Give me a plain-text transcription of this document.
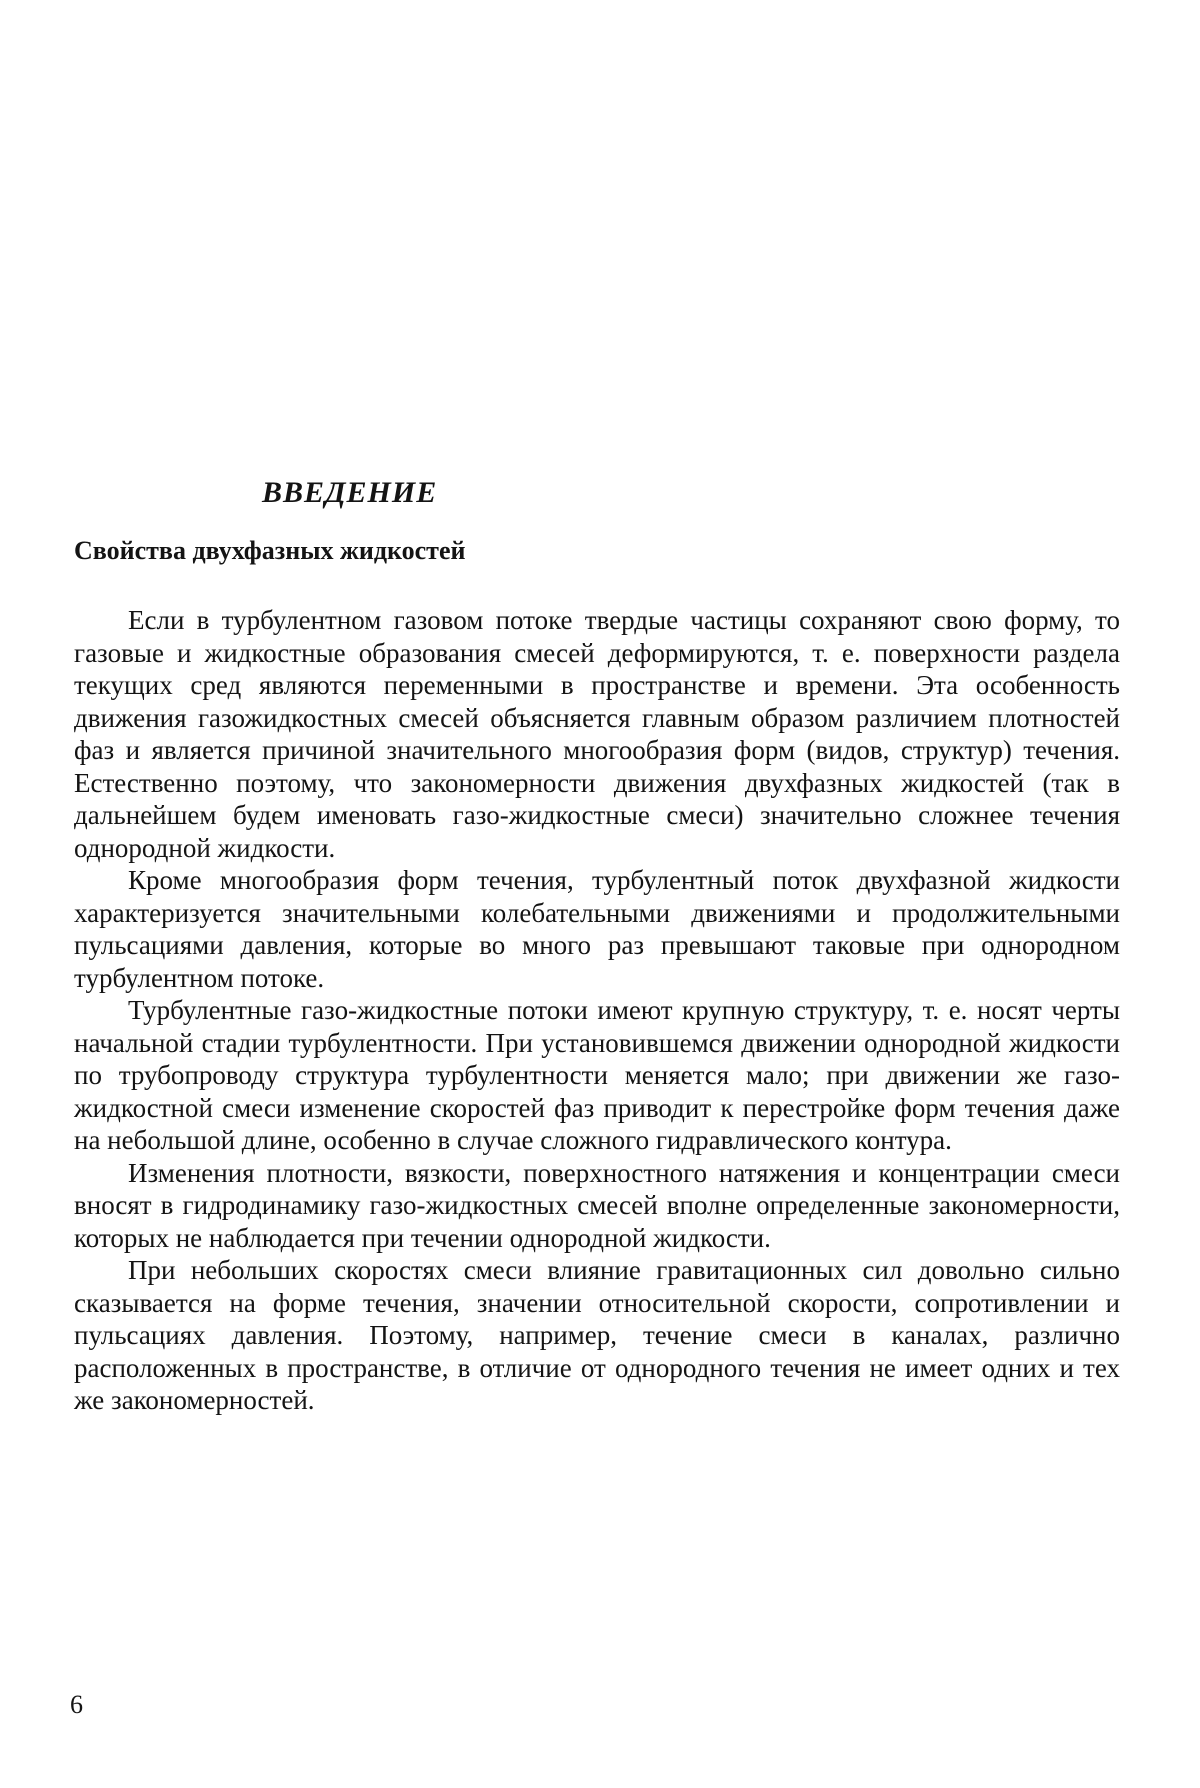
ВВЕДЕНИЕ
Свойства двухфазных жидкостей

Если в турбулентном газовом потоке твердые частицы сохраняют свою форму, то газовые и жидкостные образования смесей деформируются, т. е. поверхности раздела текущих сред являются переменными в пространстве и времени. Эта особенность движения газожидкостных смесей объясняется главным образом различием плотностей фаз и является причиной значительного многообразия форм (видов, структур) течения. Естественно поэтому, что закономерности движения двухфазных жидкостей (так в дальнейшем будем именовать газо-жидкостные смеси) значительно сложнее течения однородной жидкости.

Кроме многообразия форм течения, турбулентный поток двухфазной жидкости характеризуется значительными колебательными движениями и продолжительными пульсациями давления, которые во много раз превышают таковые при однородном турбулентном потоке.

Турбулентные газо-жидкостные потоки имеют крупную структуру, т. е. носят черты начальной стадии турбулентности. При установившемся движении однородной жидкости по трубопроводу структура турбулентности меняется мало; при движении же газо-жидкостной смеси изменение скоростей фаз приводит к перестройке форм течения даже на небольшой длине, особенно в случае сложного гидравлического контура.

Изменения плотности, вязкости, поверхностного натяжения и концентрации смеси вносят в гидродинамику газо-жидкостных смесей вполне определенные закономерности, которых не наблюдается при течении однородной жидкости.

При небольших скоростях смеси влияние гравитационных сил довольно сильно сказывается на форме течения, значении относительной скорости, сопротивлении и пульсациях давления. Поэтому, например, течение смеси в каналах, различно расположенных в пространстве, в отличие от однородного течения не имеет одних и тех же закономерностей.

6
